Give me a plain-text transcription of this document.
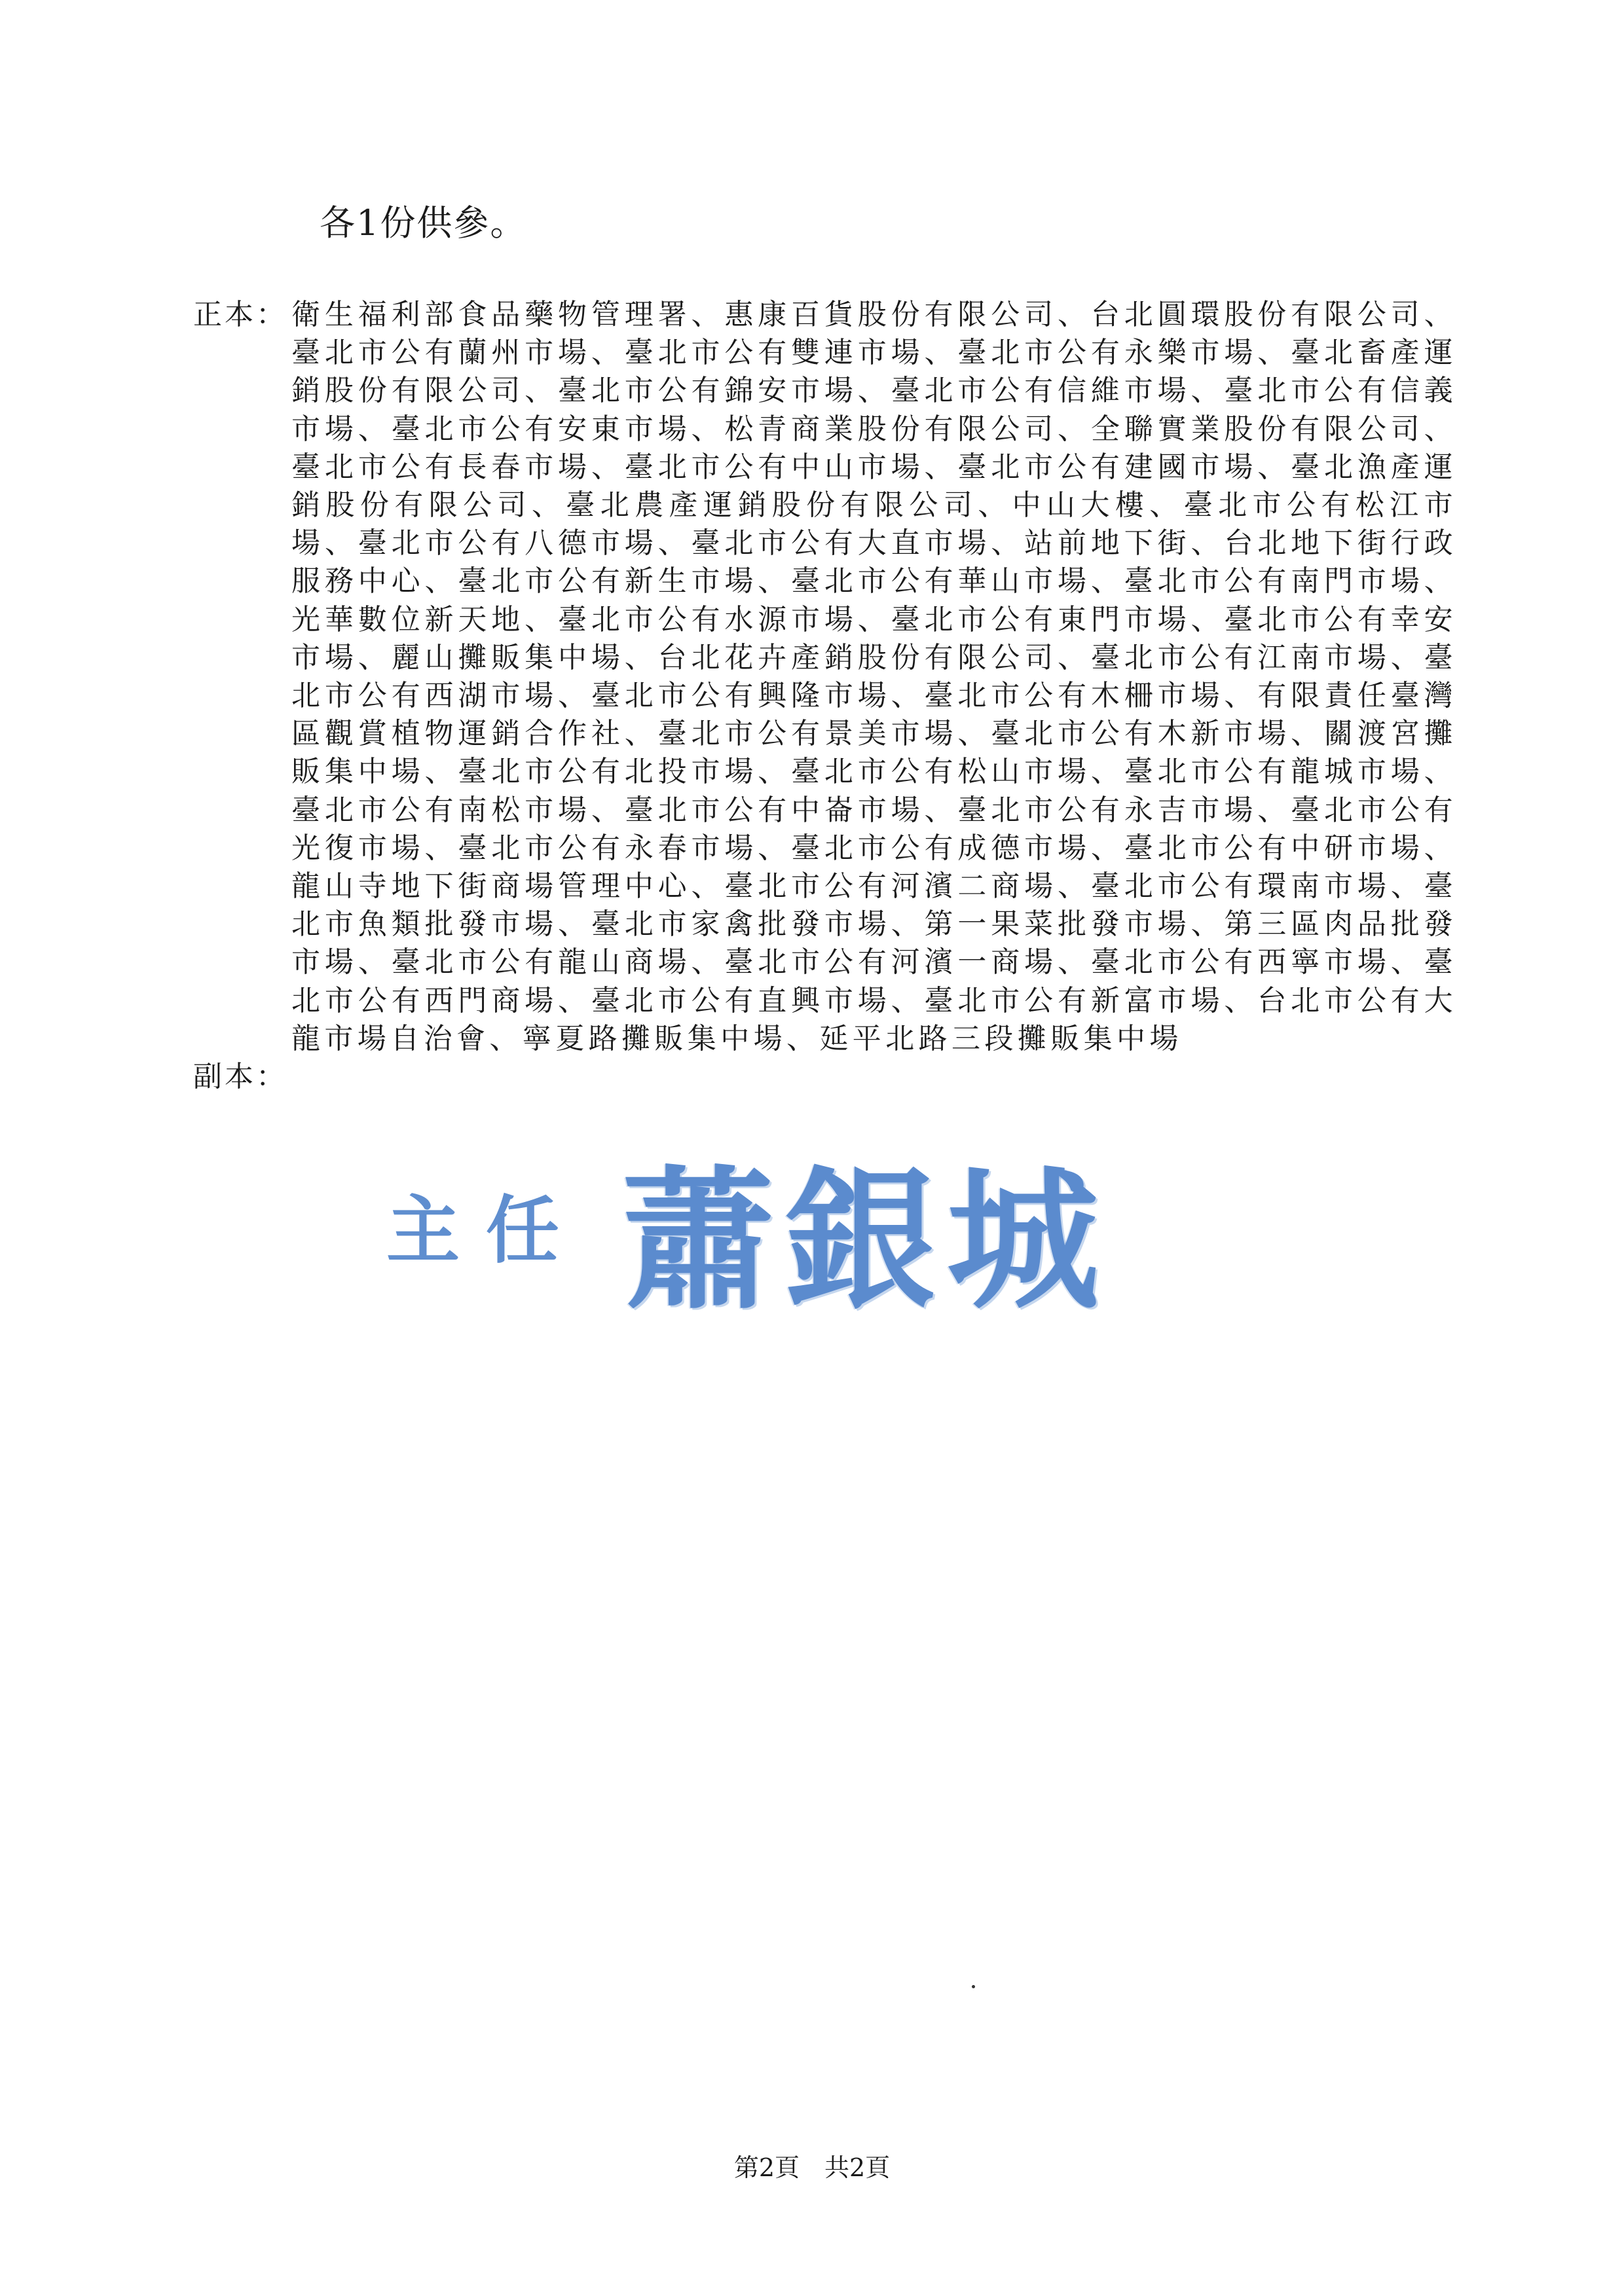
各1份供參。
正本： 衛生福利部食品藥物管理署、惠康百貨股份有限公司、台北圓環股份有限公司、臺北市公有蘭州市場、臺北市公有雙連市場、臺北市公有永樂市場、臺北畜產運銷股份有限公司、臺北市公有錦安市場、臺北市公有信維市場、臺北市公有信義市場、臺北市公有安東市場、松青商業股份有限公司、全聯實業股份有限公司、臺北市公有長春市場、臺北市公有中山市場、臺北市公有建國市場、臺北漁產運銷股份有限公司、臺北農產運銷股份有限公司、中山大樓、臺北市公有松江市場、臺北市公有八德市場、臺北市公有大直市場、站前地下街、台北地下街行政服務中心、臺北市公有新生市場、臺北市公有華山市場、臺北市公有南門市場、光華數位新天地、臺北市公有水源市場、臺北市公有東門市場、臺北市公有幸安市場、麗山攤販集中場、台北花卉產銷股份有限公司、臺北市公有江南市場、臺北市公有西湖市場、臺北市公有興隆市場、臺北市公有木柵市場、有限責任臺灣區觀賞植物運銷合作社、臺北市公有景美市場、臺北市公有木新市場、關渡宮攤販集中場、臺北市公有北投市場、臺北市公有松山市場、臺北市公有龍城市場、臺北市公有南松市場、臺北市公有中崙市場、臺北市公有永吉市場、臺北市公有光復市場、臺北市公有永春市場、臺北市公有成德市場、臺北市公有中研市場、龍山寺地下街商場管理中心、臺北市公有河濱二商場、臺北市公有環南市場、臺北市魚類批發市場、臺北市家禽批發市場、第一果菜批發市場、第三區肉品批發市場、臺北市公有龍山商場、臺北市公有河濱一商場、臺北市公有西寧市場、臺北市公有西門商場、臺北市公有直興市場、臺北市公有新富市場、台北市公有大龍市場自治會、寧夏路攤販集中場、延平北路三段攤販集中場
副本：
主任 蕭銀城
第2頁　共2頁
